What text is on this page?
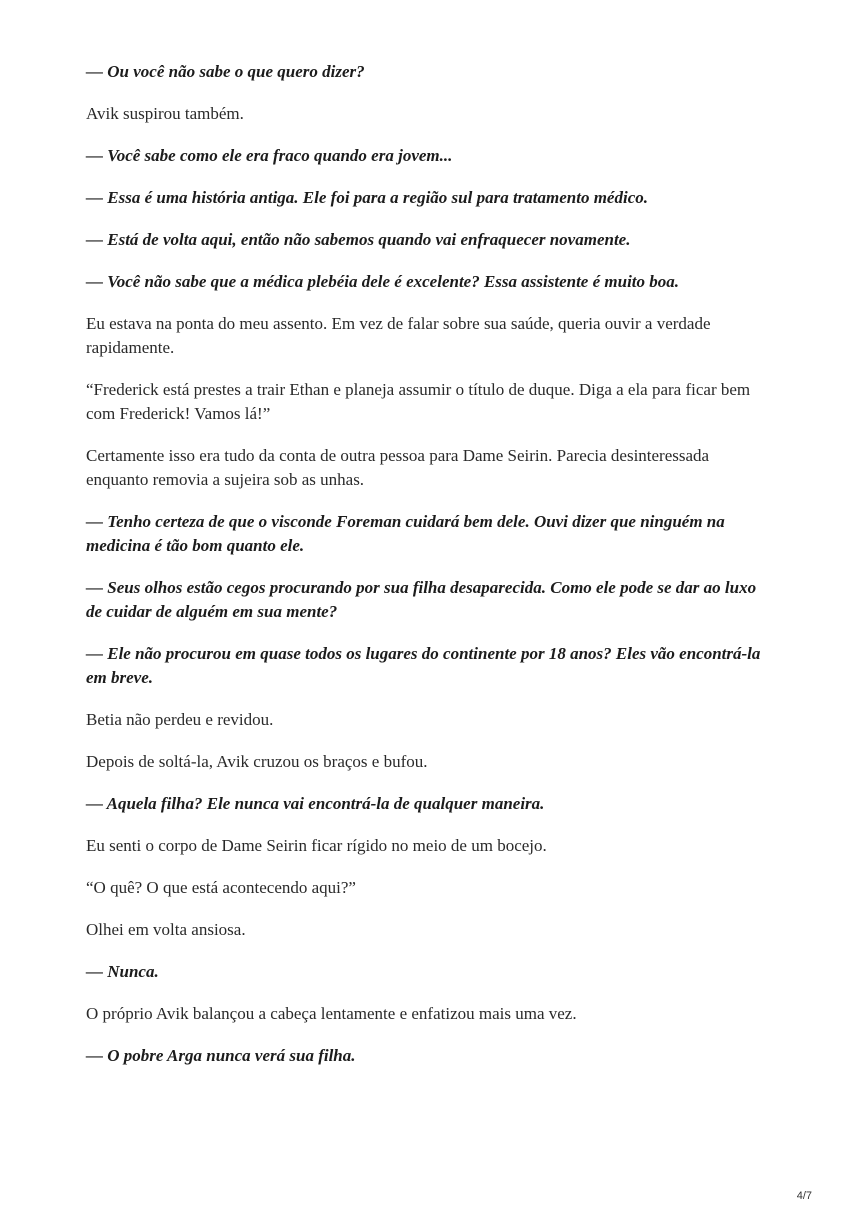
— Ou você não sabe o que quero dizer?

Avik suspirou também.

— Você sabe como ele era fraco quando era jovem...

— Essa é uma história antiga. Ele foi para a região sul para tratamento médico.

— Está de volta aqui, então não sabemos quando vai enfraquecer novamente.

— Você não sabe que a médica plebéia dele é excelente? Essa assistente é muito boa.

Eu estava na ponta do meu assento. Em vez de falar sobre sua saúde, queria ouvir a verdade rapidamente.

“Frederick está prestes a trair Ethan e planeja assumir o título de duque. Diga a ela para ficar bem com Frederick! Vamos lá!”

Certamente isso era tudo da conta de outra pessoa para Dame Seirin. Parecia desinteressada enquanto removia a sujeira sob as unhas.

— Tenho certeza de que o visconde Foreman cuidará bem dele. Ouvi dizer que ninguém na medicina é tão bom quanto ele.

— Seus olhos estão cegos procurando por sua filha desaparecida. Como ele pode se dar ao luxo de cuidar de alguém em sua mente?

— Ele não procurou em quase todos os lugares do continente por 18 anos? Eles vão encontrá-la em breve.

Betia não perdeu e revidou.

Depois de soltá-la, Avik cruzou os braços e bufou.

— Aquela filha? Ele nunca vai encontrá-la de qualquer maneira.

Eu senti o corpo de Dame Seirin ficar rígido no meio de um bocejo.

“O quê? O que está acontecendo aqui?”

Olhei em volta ansiosa.

— Nunca.

O próprio Avik balançou a cabeça lentamente e enfatizou mais uma vez.

— O pobre Arga nunca verá sua filha.

4/7
